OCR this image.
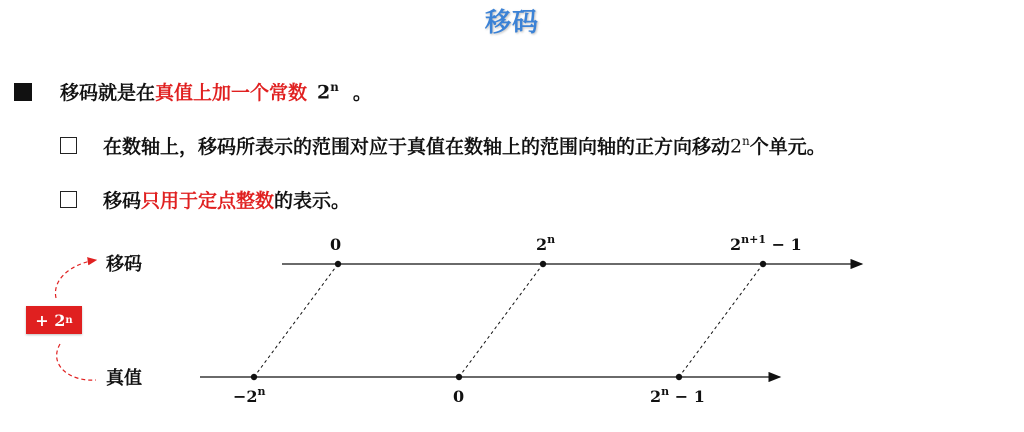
移码
移码就是在 真值上加一个常数 2$^n$ 。
在数轴上，移码所表示的范围对应于真值在数轴上的范围向轴的正方向移动 2$^n$ 个单元。
移码 只用于定点整数 的表示。
移码
真值
0	2$^n$	$2^{n+1} - 1$
$-2^n$	0	$2^n - 1$
+ 2 n
